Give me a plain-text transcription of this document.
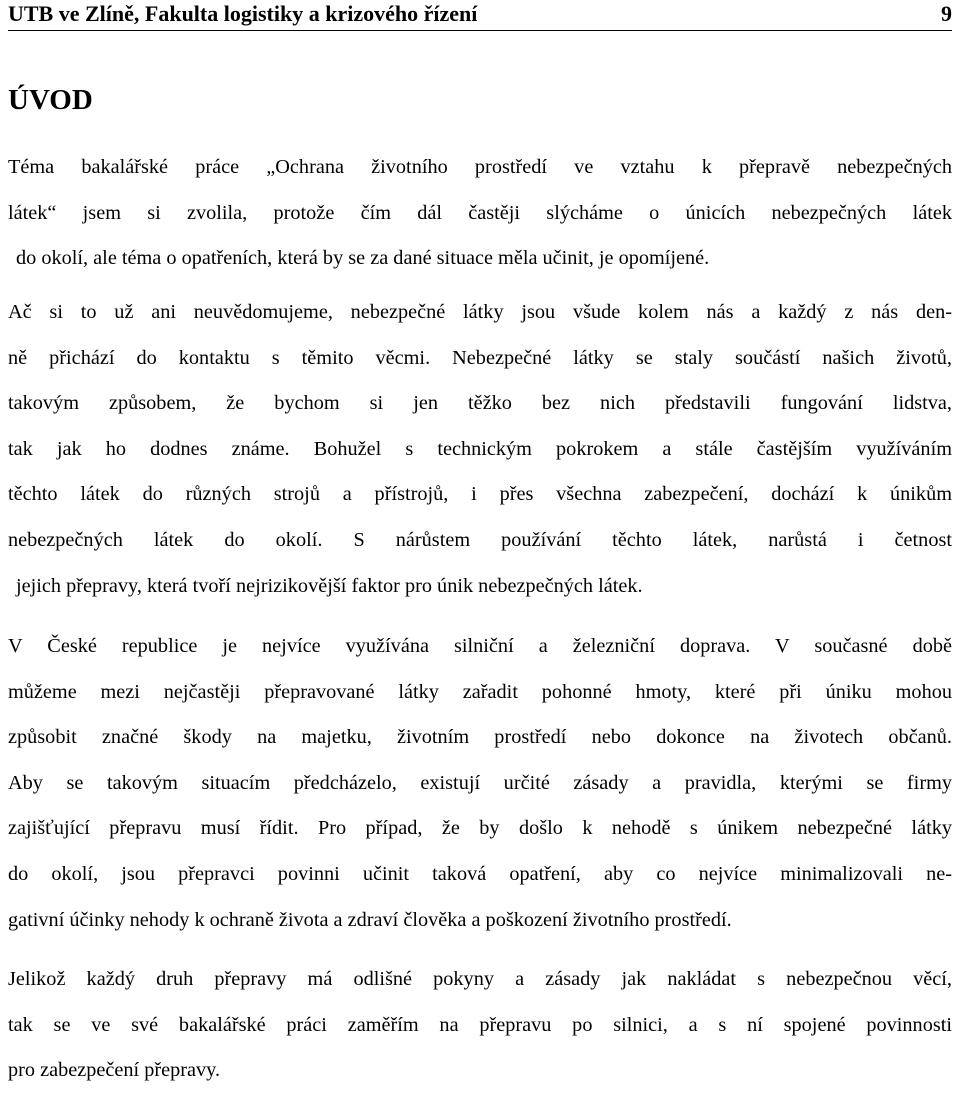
UTB ve Zlíně, Fakulta logistiky a krizového řízení	9
ÚVOD

Téma bakalářské práce „Ochrana životního prostředí ve vztahu k přepravě nebezpečných
látek“ jsem si zvolila, protože čím dál častěji slýcháme o únicích nebezpečných látek
do okolí, ale téma o opatřeních, která by se za dané situace měla učinit, je opomíjené.

Ač si to už ani neuvědomujeme, nebezpečné látky jsou všude kolem nás a každý z nás den-
ně přichází do kontaktu s těmito věcmi. Nebezpečné látky se staly součástí našich životů,
takovým způsobem, že bychom si jen těžko bez nich představili fungování lidstva,
tak jak ho dodnes známe. Bohužel s technickým pokrokem a stále častějším využíváním
těchto látek do různých strojů a přístrojů, i přes všechna zabezpečení, dochází k únikům
nebezpečných látek do okolí. S nárůstem používání těchto látek, narůstá i četnost
jejich přepravy, která tvoří nejrizikovější faktor pro únik nebezpečných látek.

V České republice je nejvíce využívána silniční a železniční doprava. V současné době
můžeme mezi nejčastěji přepravované látky zařadit pohonné hmoty, které při úniku mohou
způsobit značné škody na majetku, životním prostředí nebo dokonce na životech občanů.
Aby se takovým situacím předcházelo, existují určité zásady a pravidla, kterými se firmy
zajišťující přepravu musí řídit. Pro případ, že by došlo k nehodě s únikem nebezpečné látky
do okolí, jsou přepravci povinni učinit taková opatření, aby co nejvíce minimalizovali ne-
gativní účinky nehody k ochraně života a zdraví člověka a poškození životního prostředí.

Jelikož každý druh přepravy má odlišné pokyny a zásady jak nakládat s nebezpečnou věcí,
tak se ve své bakalářské práci zaměřím na přepravu po silnici, a s ní spojené povinnosti
pro zabezpečení přepravy.
